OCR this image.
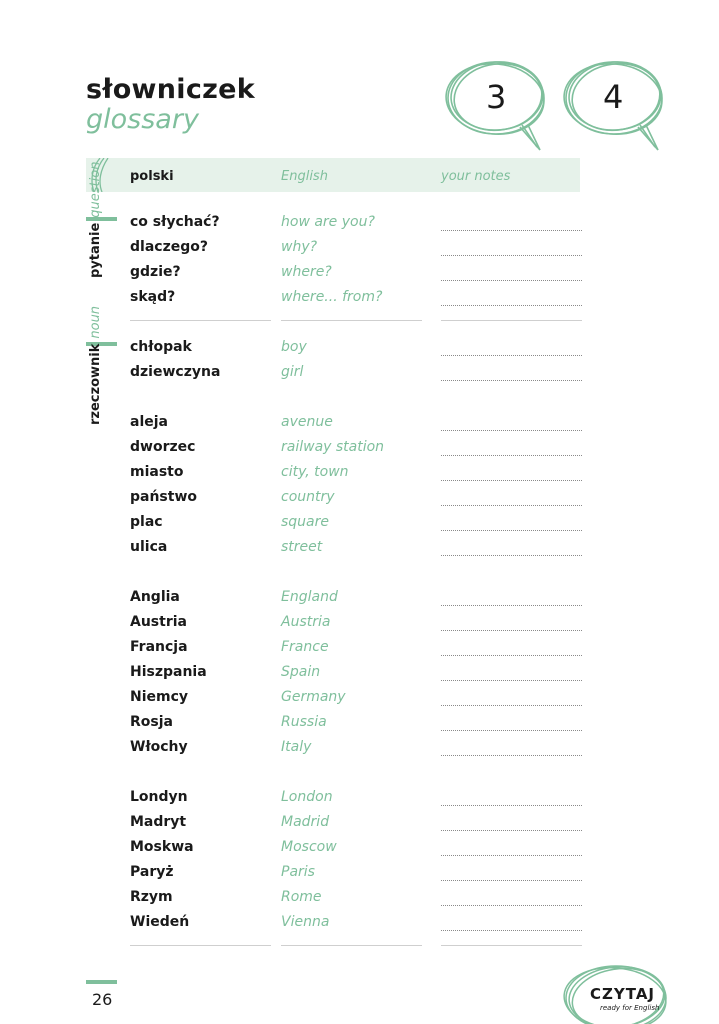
słowniczek
glossary
3	4
polski	English	your notes
pytaniequestion
rzeczowniknoun
co słychać?	how are you?
dlaczego?	why?
gdzie?	where?
skąd?	where... from?
chłopak	boy
dziewczyna	girl
aleja	avenue
dworzec	railway station
miasto	city, town
państwo	country
plac	square
ulica	street
Anglia	England
Austria	Austria
Francja	France
Hiszpania	Spain
Niemcy	Germany
Rosja	Russia
Włochy	Italy
Londyn	London
Madryt	Madrid
Moskwa	Moscow
Paryż	Paris
Rzym	Rome
Wiedeń	Vienna
26	CZYTAJ
ready for English
